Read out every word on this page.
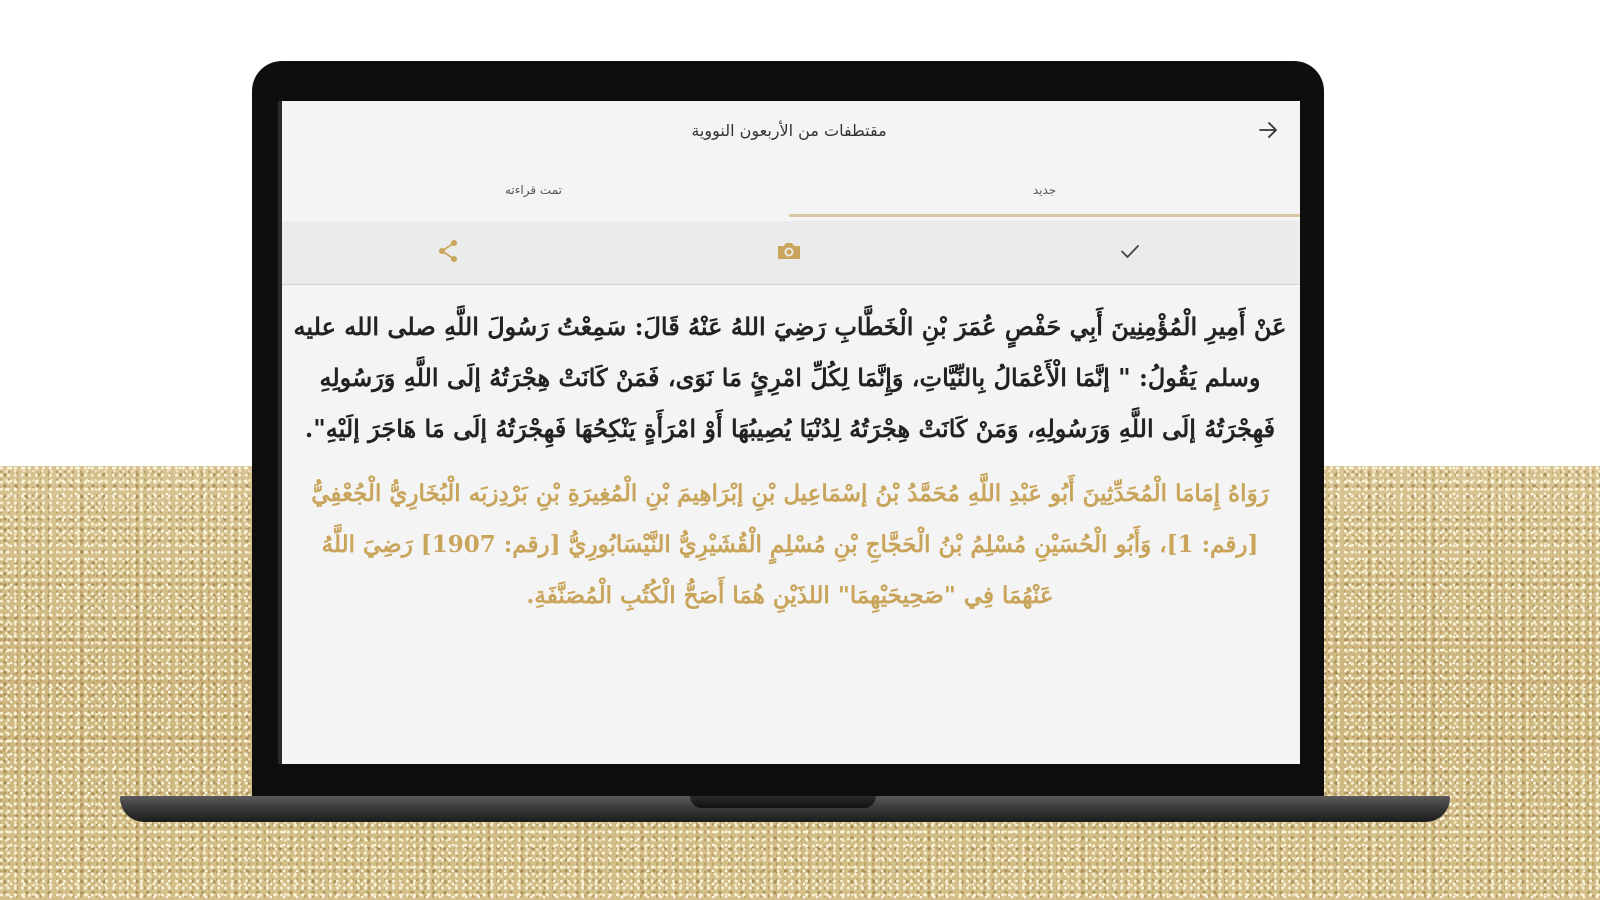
مقتطفات من الأربعون النووية
جديد
تمت قراءته

عَنْ أَمِيرِ الْمُؤْمِنِينَ أَبِي حَفْصٍ عُمَرَ بْنِ الْخَطَّابِ رَضِيَ اللهُ عَنْهُ قَالَ: سَمِعْتُ رَسُولَ اللَّهِ صلى الله عليه وسلم يَقُولُ: " إنَّمَا الْأَعْمَالُ بِالنِّيَّاتِ، وَإِنَّمَا لِكُلِّ امْرِئٍ مَا نَوَى، فَمَنْ كَانَتْ هِجْرَتُهُ إلَى اللَّهِ وَرَسُولِهِ فَهِجْرَتُهُ إلَى اللَّهِ وَرَسُولِهِ، وَمَنْ كَانَتْ هِجْرَتُهُ لِدُنْيَا يُصِيبُهَا أَوْ امْرَأَةٍ يَنْكِحُهَا فَهِجْرَتُهُ إلَى مَا هَاجَرَ إلَيْهِ".

رَوَاهُ إِمَامَا الْمُحَدِّثِينَ أَبُو عَبْدِ اللَّهِ مُحَمَّدُ بْنُ إسْمَاعِيل بْنِ إبْرَاهِيمَ بْنِ الْمُغِيرَةِ بْنِ بَرْدِزبَه الْبُخَارِيُّ الْجُعْفِيُّ [رقم: 1]، وَأَبُو الْحُسَيْنِ مُسْلِمُ بْنُ الْحَجَّاجِ بْنِ مُسْلِمٍ الْقُشَيْرِيُّ النَّيْسَابُورِيُّ [رقم: 1907] رَضِيَ اللَّهُ عَنْهُمَا فِي "صَحِيحَيْهِمَا" اللذَيْنِ هُمَا أَصَحُّ الْكُتُبِ الْمُصَنَّفَةِ.
